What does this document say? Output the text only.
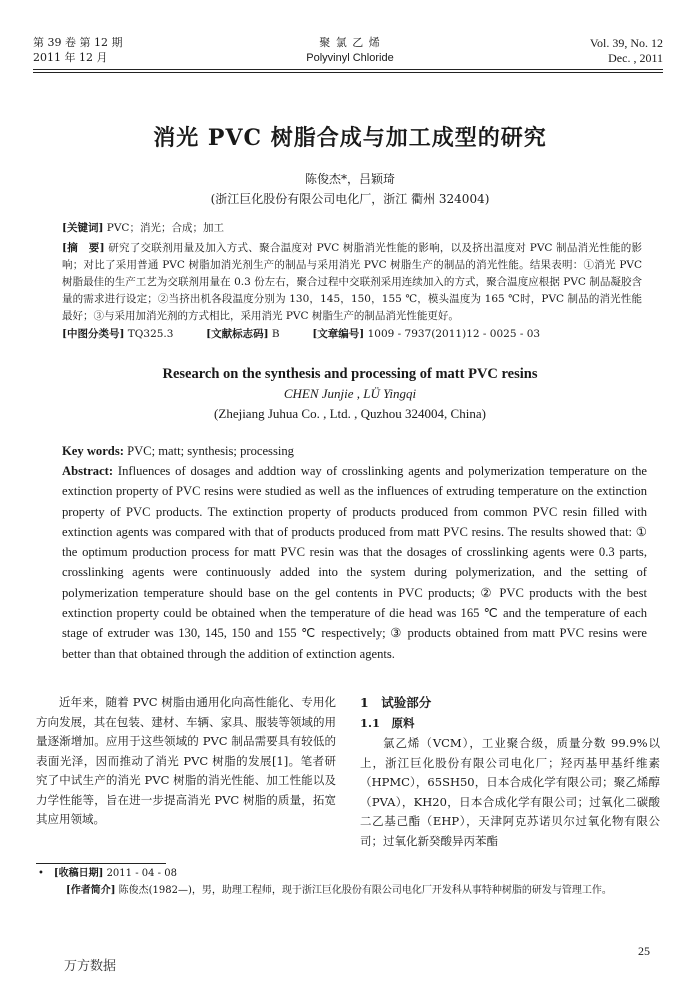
第 39 卷 第 12 期
2011 年 12 月
聚 氯 乙 烯
Polyvinyl Chloride
Vol. 39, No. 12
Dec. , 2011
消光 PVC 树脂合成与加工成型的研究
陈俊杰*，吕颖琦
(浙江巨化股份有限公司电化厂，浙江 衢州 324004)
[关键词] PVC；消光；合成；加工
[摘　要] 研究了交联剂用量及加入方式、聚合温度对 PVC 树脂消光性能的影响，以及挤出温度对 PVC 制品消光性能的影响；对比了采用普通 PVC 树脂加消光剂生产的制品与采用消光 PVC 树脂生产的制品的消光性能。结果表明：①消光 PVC 树脂最佳的生产工艺为交联剂用量在 0.3 份左右，聚合过程中交联剂采用连续加入的方式，聚合温度应根据 PVC 制品凝胶含量的需求进行设定；②当挤出机各段温度分别为 130，145，150，155 ℃，模头温度为 165 ℃时，PVC 制品的消光性能最好；③与采用加消光剂的方式相比，采用消光 PVC 树脂生产的制品消光性能更好。
[中图分类号] TQ325.3	[文献标志码] B	[文章编号] 1009 - 7937(2011)12 - 0025 - 03
Research on the synthesis and processing of matt PVC resins
CHEN Junjie , LÜ Yingqi
(Zhejiang Juhua Co. , Ltd. , Quzhou 324004, China)
Key words: PVC; matt; synthesis; processing
Abstract: Influences of dosages and addtion way of crosslinking agents and polymerization temperature on the extinction property of PVC resins were studied as well as the influences of extruding temperature on the extinction property of PVC products. The extinction property of products produced from common PVC resin filled with extinction agents was compared with that of products produced from matt PVC resins. The results showed that: ① the optimum production process for matt PVC resin was that the dosages of crosslinking agents were 0.3 parts, crosslinking agents were continuously added into the system during polymerization, and the setting of polymerization temperature should base on the gel contents in PVC products; ② PVC products with the best extinction property could be obtained when the temperature of die head was 165 ℃ and the temperature of each stage of extruder was 130, 145, 150 and 155 ℃ respectively; ③ products obtained from matt PVC resins were better than that obtained through the addition of extinction agents.
近年来，随着 PVC 树脂由通用化向高性能化、专用化方向发展，其在包装、建材、车辆、家具、服装等领域的用量逐渐增加。应用于这些领域的 PVC 制品需要具有较低的表面光泽，因而推动了消光 PVC 树脂的发展[1]。笔者研究了中试生产的消光 PVC 树脂的消光性能、加工性能以及力学性能等，旨在进一步提高消光 PVC 树脂的质量，拓宽其应用领域。
1　试验部分
1.1　原料
氯乙烯（VCM），工业聚合级，质量分数 99.9%以上，浙江巨化股份有限公司电化厂；羟丙基甲基纤维素（HPMC），65SH50，日本合成化学有限公司；聚乙烯醇（PVA），KH20，日本合成化学有限公司；过氧化二碳酸二乙基己酯（EHP），天津阿克苏诺贝尔过氧化物有限公司；过氧化新癸酸异丙苯酯
•　[收稿日期] 2011 - 04 - 08
[作者简介] 陈俊杰(1982—)，男，助理工程师，现于浙江巨化股份有限公司电化厂开发科从事特种树脂的研发与管理工作。
25
万方数据
